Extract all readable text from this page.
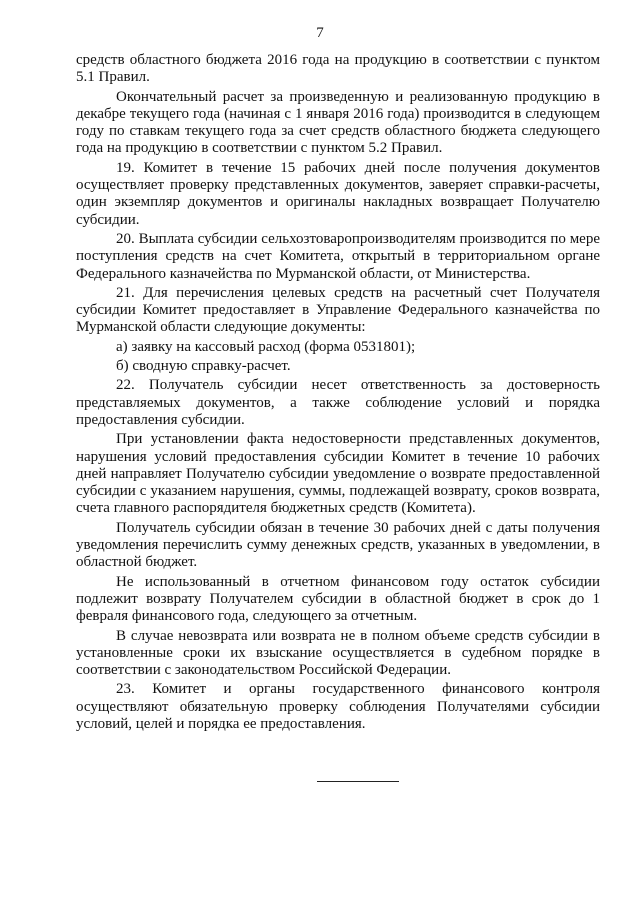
7

средств областного бюджета 2016 года на продукцию в соответствии с пунктом 5.1 Правил.

Окончательный расчет за произведенную и реализованную продукцию в декабре текущего года (начиная с 1 января 2016 года) производится в следующем году по ставкам текущего года за счет средств областного бюджета следующего года на продукцию в соответствии с пунктом 5.2 Правил.

19. Комитет в течение 15 рабочих дней после получения документов осуществляет проверку представленных документов, заверяет справки-расчеты, один экземпляр документов и оригиналы накладных возвращает Получателю субсидии.

20. Выплата субсидии сельхозтоваропроизводителям производится по мере поступления средств на счет Комитета, открытый в территориальном органе Федерального казначейства по Мурманской области, от Министерства.

21. Для перечисления целевых средств на расчетный счет Получателя субсидии Комитет предоставляет в Управление Федерального казначейства по Мурманской области следующие документы:

а) заявку на кассовый расход (форма 0531801);

б) сводную справку-расчет.

22. Получатель субсидии несет ответственность за достоверность представляемых документов, а также соблюдение условий и порядка предоставления субсидии.

При установлении факта недостоверности представленных документов, нарушения условий предоставления субсидии Комитет в течение 10 рабочих дней направляет Получателю субсидии уведомление о возврате предоставленной субсидии с указанием нарушения, суммы, подлежащей возврату, сроков возврата, счета главного распорядителя бюджетных средств (Комитета).

Получатель субсидии обязан в течение 30 рабочих дней с даты получения уведомления перечислить сумму денежных средств, указанных в уведомлении, в областной бюджет.

Не использованный в отчетном финансовом году остаток субсидии подлежит возврату Получателем субсидии в областной бюджет в срок до 1 февраля финансового года, следующего за отчетным.

В случае невозврата или возврата не в полном объеме средств субсидии в установленные сроки их взыскание осуществляется в судебном порядке в соответствии с законодательством Российской Федерации.

23. Комитет и органы государственного финансового контроля осуществляют обязательную проверку соблюдения Получателями субсидии условий, целей и порядка ее предоставления.
